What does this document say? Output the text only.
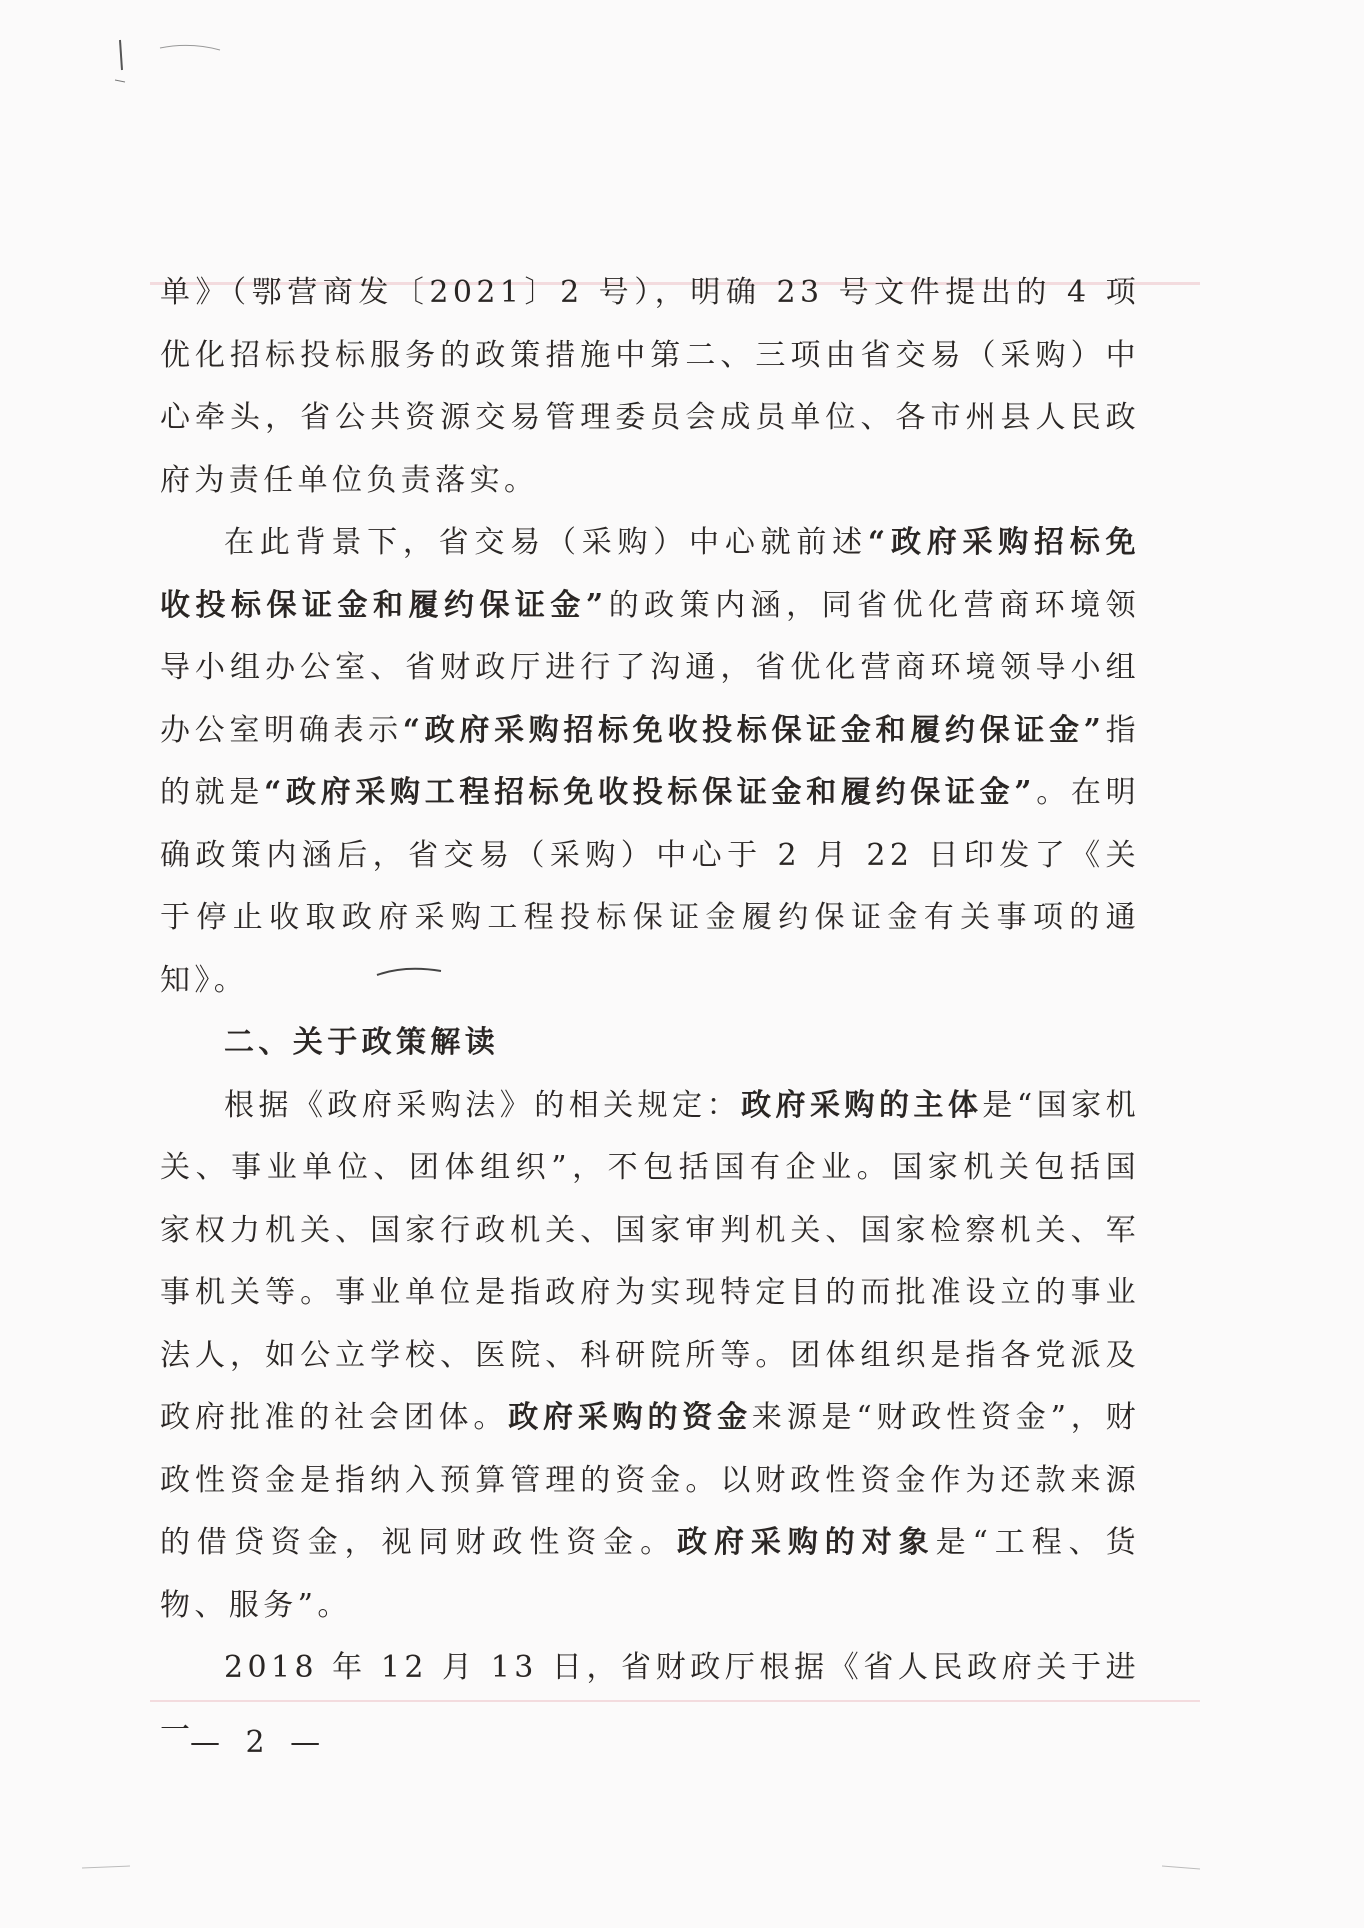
单》（鄂营商发〔2021〕2 号），明确 23 号文件提出的 4 项优化招标投标服务的政策措施中第二、三项由省交易（采购）中心牵头，省公共资源交易管理委员会成员单位、各市州县人民政府为责任单位负责落实。

在此背景下，省交易（采购）中心就前述“政府采购招标免收投标保证金和履约保证金”的政策内涵，同省优化营商环境领导小组办公室、省财政厅进行了沟通，省优化营商环境领导小组办公室明确表示“政府采购招标免收投标保证金和履约保证金”指的就是“政府采购工程招标免收投标保证金和履约保证金”。在明确政策内涵后，省交易（采购）中心于 2 月 22 日印发了《关于停止收取政府采购工程投标保证金履约保证金有关事项的通知》。

二、关于政策解读

根据《政府采购法》的相关规定：政府采购的主体是“国家机关、事业单位、团体组织”，不包括国有企业。国家机关包括国家权力机关、国家行政机关、国家审判机关、国家检察机关、军事机关等。事业单位是指政府为实现特定目的而批准设立的事业法人，如公立学校、医院、科研院所等。团体组织是指各党派及政府批准的社会团体。政府采购的资金来源是“财政性资金”，财政性资金是指纳入预算管理的资金。以财政性资金作为还款来源的借贷资金，视同财政性资金。政府采购的对象是“工程、货物、服务”。

2018 年 12 月 13 日，省财政厅根据《省人民政府关于进一

— 2 —
